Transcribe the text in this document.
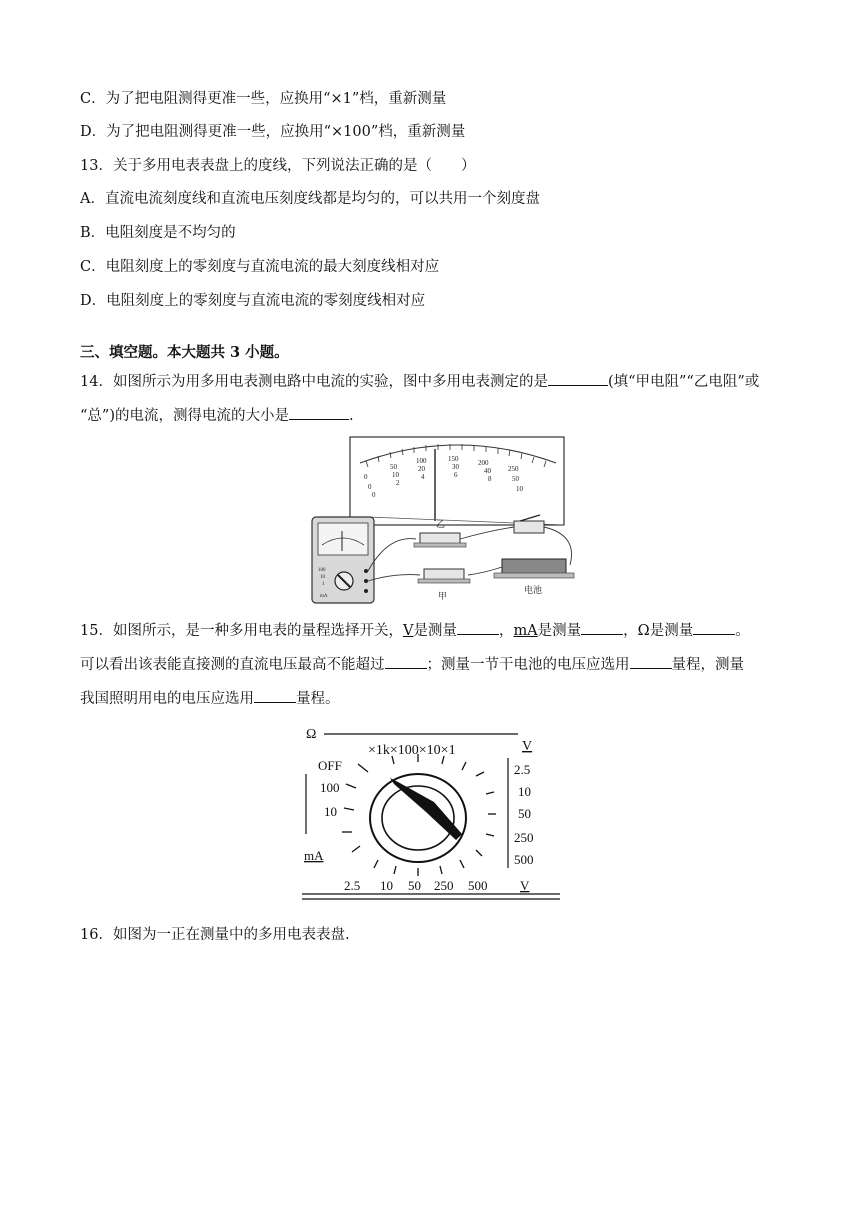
C．为了把电阻测得更准一些，应换用“×1”档，重新测量
D．为了把电阻测得更准一些，应换用“×100”档，重新测量
13．关于多用电表表盘上的度线，下列说法正确的是（　　）
A．直流电流刻度线和直流电压刻度线都是均匀的，可以共用一个刻度盘
B．电阻刻度是不均匀的
C．电阻刻度上的零刻度与直流电流的最大刻度线相对应
D．电阻刻度上的零刻度与直流电流的零刻度线相对应
三、填空题。本大题共 3 小题。
14．如图所示为用多用电表测电路中电流的实验，图中多用电表测定的是	(填“甲电阻”“乙电阻”或
“总”)的电流，测得电流的大小是	.
0
50
100	150	200
250
0
10
20	30	40
50
0
2
4	6	8
10
100
10
1
mA
乙
甲
电池
15．如图所示，是一种多用电表的量程选择开关，V是测量	，mA是测量	，Ω是测量	。
可以看出该表能直接测的直流电压最高不能超过	；测量一节干电池的电压应选用	量程，测量
我国照明用电的电压应选用	量程。
Ω
×1k×100×10×1	V
OFF
100
10
mA
2.5
10
50
250
500
2.5 10 50 250 500	V
16．如图为一正在测量中的多用电表表盘.
